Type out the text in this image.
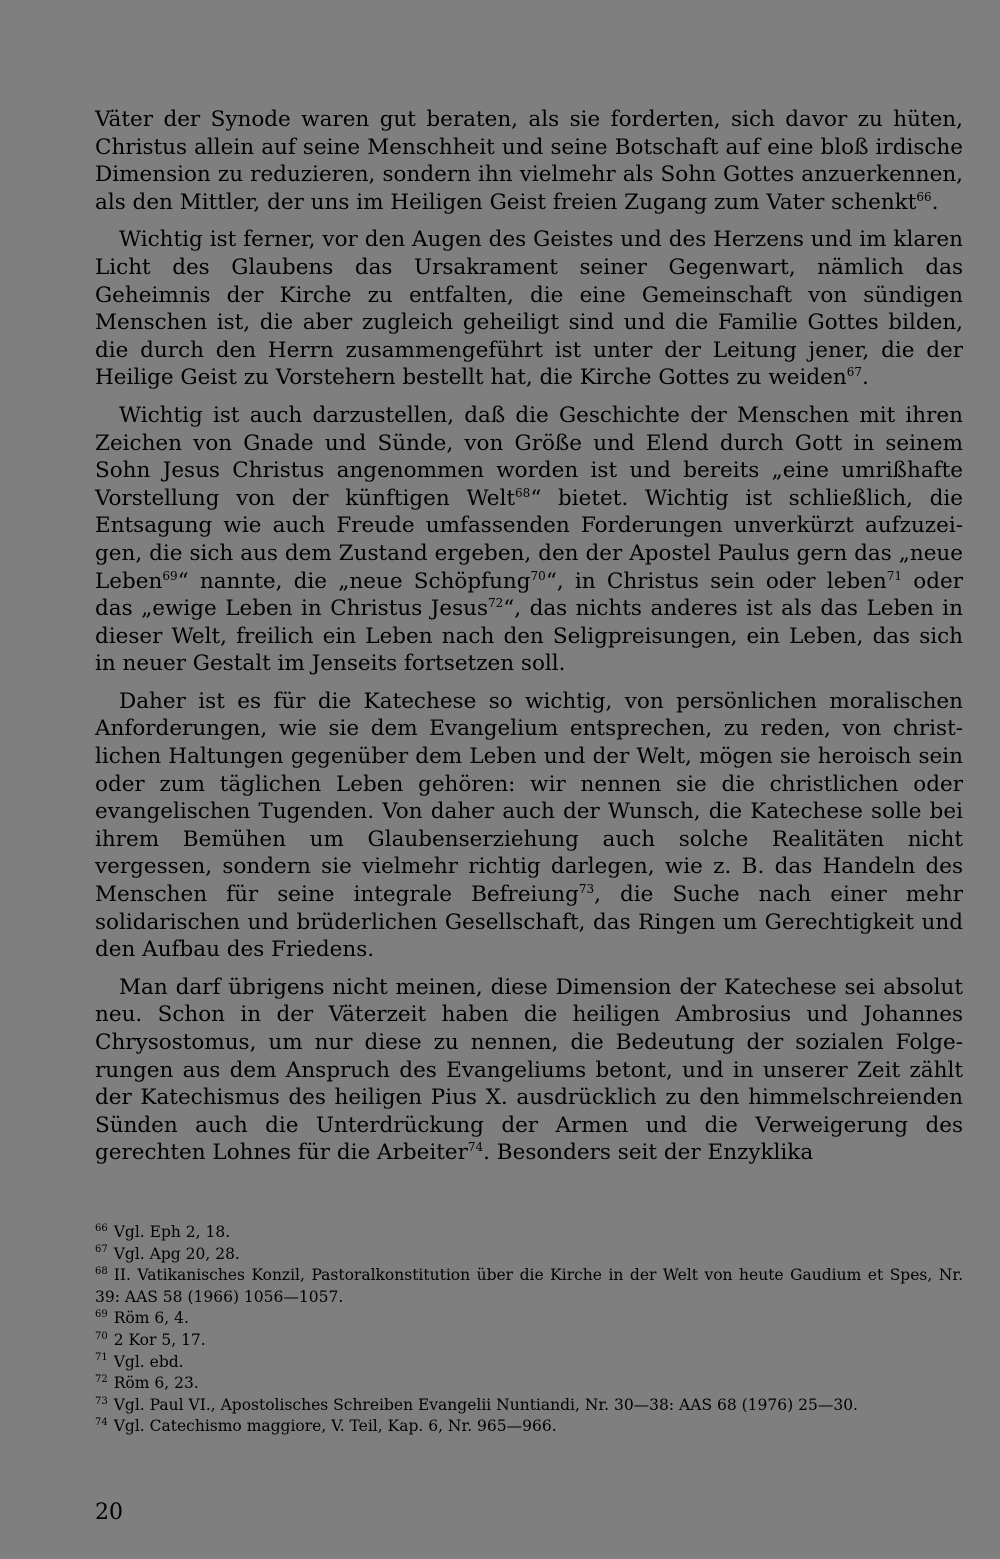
Väter der Synode waren gut beraten, als sie forderten, sich davor zu hüten, Christus allein auf seine Menschheit und seine Botschaft auf eine bloß irdische Dimension zu reduzieren, sondern ihn vielmehr als Sohn Gottes anzuerkennen, als den Mittler, der uns im Heiligen Geist freien Zugang zum Vater schenkt$^{66}$.

Wichtig ist ferner, vor den Augen des Geistes und des Herzens und im klaren Licht des Glaubens das Ursakrament seiner Gegenwart, nämlich das Geheimnis der Kirche zu entfalten, die eine Gemeinschaft von sündigen Menschen ist, die aber zugleich geheiligt sind und die Familie Gottes bilden, die durch den Herrn zusammengeführt ist unter der Leitung jener, die der Heilige Geist zu Vorstehern bestellt hat, die Kirche Gottes zu weiden$^{67}$.

Wichtig ist auch darzustellen, daß die Geschichte der Menschen mit ihren Zeichen von Gnade und Sünde, von Größe und Elend durch Gott in seinem Sohn Jesus Christus angenommen worden ist und bereits „eine umrißhafte Vorstellung von der künftigen Welt$^{68}$“ bietet. Wichtig ist schließlich, die Entsagung wie auch Freude umfassenden Forderungen unverkürzt aufzuzeigen, die sich aus dem Zustand ergeben, den der Apostel Paulus gern das „neue Leben$^{69}$“ nannte, die „neue Schöpfung$^{70}$“, in Christus sein oder leben$^{71}$ oder das „ewige Leben in Christus Jesus$^{72}$“, das nichts anderes ist als das Leben in dieser Welt, freilich ein Leben nach den Seligpreisungen, ein Leben, das sich in neuer Gestalt im Jenseits fortsetzen soll.

Daher ist es für die Katechese so wichtig, von persönlichen moralischen Anforderungen, wie sie dem Evangelium entsprechen, zu reden, von christlichen Haltungen gegenüber dem Leben und der Welt, mögen sie heroisch sein oder zum täglichen Leben gehören: wir nennen sie die christlichen oder evangelischen Tugenden. Von daher auch der Wunsch, die Katechese solle bei ihrem Bemühen um Glaubenserziehung auch solche Realitäten nicht vergessen, sondern sie vielmehr richtig darlegen, wie z. B. das Handeln des Menschen für seine integrale Befreiung$^{73}$, die Suche nach einer mehr solidarischen und brüderlichen Gesellschaft, das Ringen um Gerechtigkeit und den Aufbau des Friedens.

Man darf übrigens nicht meinen, diese Dimension der Katechese sei absolut neu. Schon in der Väterzeit haben die heiligen Ambrosius und Johannes Chrysostomus, um nur diese zu nennen, die Bedeutung der sozialen Folgerungen aus dem Anspruch des Evangeliums betont, und in unserer Zeit zählt der Katechismus des heiligen Pius X. ausdrücklich zu den himmelschreienden Sünden auch die Unterdrückung der Armen und die Verweigerung des gerechten Lohnes für die Arbeiter$^{74}$. Besonders seit der Enzyklika

$^{66}$ Vgl. Eph 2, 18.

$^{67}$ Vgl. Apg 20, 28.

$^{68}$ II. Vatikanisches Konzil, Pastoralkonstitution über die Kirche in der Welt von heute Gaudium et Spes, Nr. 39: AAS 58 (1966) 1056—1057.

$^{69}$ Röm 6, 4.

$^{70}$ 2 Kor 5, 17.

$^{71}$ Vgl. ebd.

$^{72}$ Röm 6, 23.

$^{73}$ Vgl. Paul VI., Apostolisches Schreiben Evangelii Nuntiandi, Nr. 30—38: AAS 68 (1976) 25—30.

$^{74}$ Vgl. Catechismo maggiore, V. Teil, Kap. 6, Nr. 965—966.

20
